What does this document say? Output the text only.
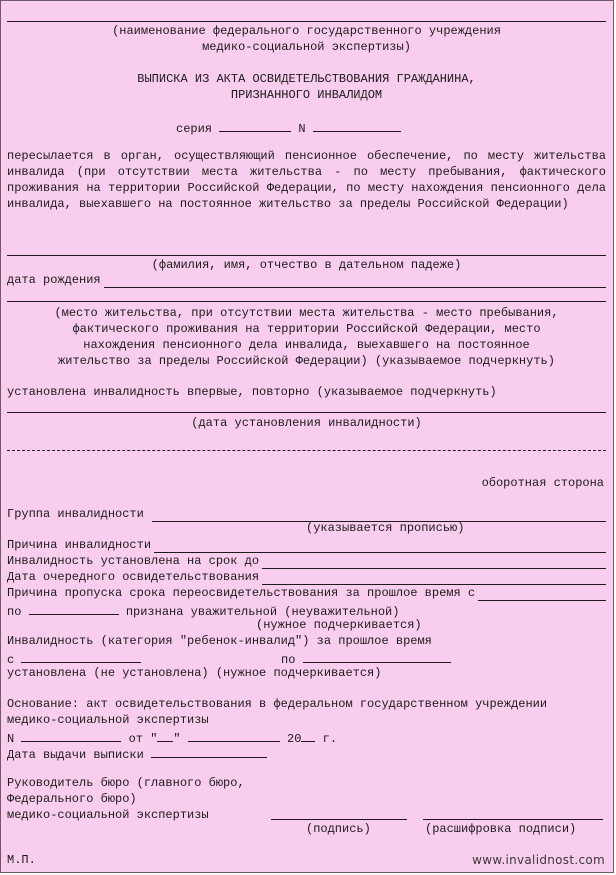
(наименование федерального государственного учреждения
медико-социальной экспертизы)
ВЫПИСКА ИЗ АКТА ОСВИДЕТЕЛЬСТВОВАНИЯ ГРАЖДАНИНА,
ПРИЗНАННОГО ИНВАЛИДОМ
серия	N
пересылается в орган, осуществляющий пенсионное обеспечение, по месту жительства инвалида (при отсутствии места жительства - по месту пребывания, фактического проживания на территории Российской Федерации, по месту нахождения пенсионного дела инвалида, выехавшего на постоянное жительство за пределы Российской Федерации)
(фамилия, имя, отчество в дательном падеже)
дата рождения
(место жительства, при отсутствии места жительства - место пребывания,
фактического проживания на территории Российской Федерации, место
нахождения пенсионного дела инвалида, выехавшего на постоянное
жительство за пределы Российской Федерации) (указываемое подчеркнуть)
установлена инвалидность впервые, повторно (указываемое подчеркнуть)
(дата установления инвалидности)
оборотная сторона
Группа инвалидности
(указывается прописью)
Причина инвалидности
Инвалидность установлена на срок до
Дата очередного освидетельствования
Причина пропуска срока переосвидетельствования за прошлое время с
по	признана уважительной (неуважительной)
(нужное подчеркивается)
Инвалидность (категория "ребенок-инвалид") за прошлое время
с	по
установлена (не установлена) (нужное подчеркивается)
Основание: акт освидетельствования в федеральном государственном учреждении
медико-социальной экспертизы
N	от " "	20 г.
Дата выдачи выписки
Руководитель бюро (главного бюро,
Федерального бюро)
медико-социальной экспертизы
(подпись)	(расшифровка подписи)
М.П.	www.invalidnost.com
